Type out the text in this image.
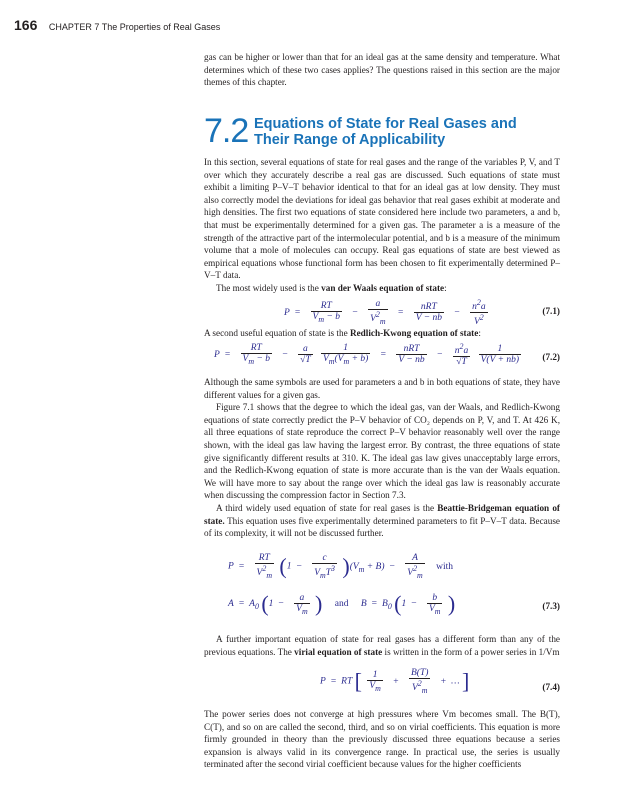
166 CHAPTER 7 The Properties of Real Gases

gas can be higher or lower than that for an ideal gas at the same density and temperature. What determines which of these two cases applies? The questions raised in this section are the major themes of this chapter.

7.2 Equations of State for Real Gases and
Their Range of Applicability

In this section, several equations of state for real gases and the range of the variables P, V, and T over which they accurately describe a real gas are discussed. Such equations of state must exhibit a limiting P–V–T behavior identical to that for an ideal gas at low density. They must also correctly model the deviations for ideal gas behavior that real gases exhibit at moderate and high densities. The first two equations of state considered here include two parameters, a and b, that must be experimentally determined for a given gas. The parameter a is a measure of the strength of the attractive part of the intermolecular potential, and b is a measure of the minimum volume that a mole of molecules can occupy. Real gas equations of state are best viewed as empirical equations whose functional form has been chosen to fit experimentally determined P–V–T data.

The most widely used is the van der Waals equation of state:

$P = \frac{RT}{V_m - b} - \frac{a}{V^2_m} = \frac{\text{nRT}}{V - nb} - \frac{n^2a}{V^2}$	(7.1)

A second useful equation of state is the Redlich-Kwong equation of state:

$P = \frac{RT}{V_m - b} - \frac{a}{√T}$
$\frac{1}{V_m(V_m + b)} = \frac{\text{nRT}}{V - nb} - \frac{n^2a}{√T}$
$\frac{1}{V(V + nb)} (7.2)$

Although the same symbols are used for parameters a and b in both equations of state, they have different values for a given gas.

Figure 7.1 shows that the degree to which the ideal gas, van der Waals, and Redlich-Kwong equations of state correctly predict the P–V behavior of CO₂ depends on P, V, and T. At 426 K, all three equations of state reproduce the correct P–V behavior reasonably well over the range shown, with the ideal gas law having the largest error. By contrast, the three equations of state give significantly different results at 310. K. The ideal gas law gives unacceptably large errors, and the Redlich-Kwong equation of state is more accurate than is the van der Waals equation. We will have more to say about the range over which the ideal gas law is reasonably accurate when discussing the compression factor in Section 7.3.

A third widely used equation of state for real gases is the Beattie-Bridgeman equation of state. This equation uses five experimentally determined parameters to fit P–V–T data. Because of its complexity, it will not be discussed further.

$P = \frac{RT}{V^2_m} (1 - \frac{c}{V_mT^3} )(V_m + B) - \frac{A}{V^2_m}$ with
$A = A_0$ ($1 - \frac{a}{V_m}$ ) and $B = B_0$ ($1 - \frac{b}{V_m}$ )	(7.3)

A further important equation of state for real gases has a different form than any of the previous equations. The virial equation of state is written in the form of a power series in 1/Vm

P = RT [ $\frac{1}{V_m} + \frac{B(T)}{V^2_m}$ + … ]	(7.4)

The power series does not converge at high pressures where Vm becomes small. The B(T), C(T), and so on are called the second, third, and so on virial coefficients. This equation is more firmly grounded in theory than the previously discussed three equations because a series expansion is always valid in its convergence range. In practical use, the series is usually terminated after the second virial coefficient because values for the higher coefficients
